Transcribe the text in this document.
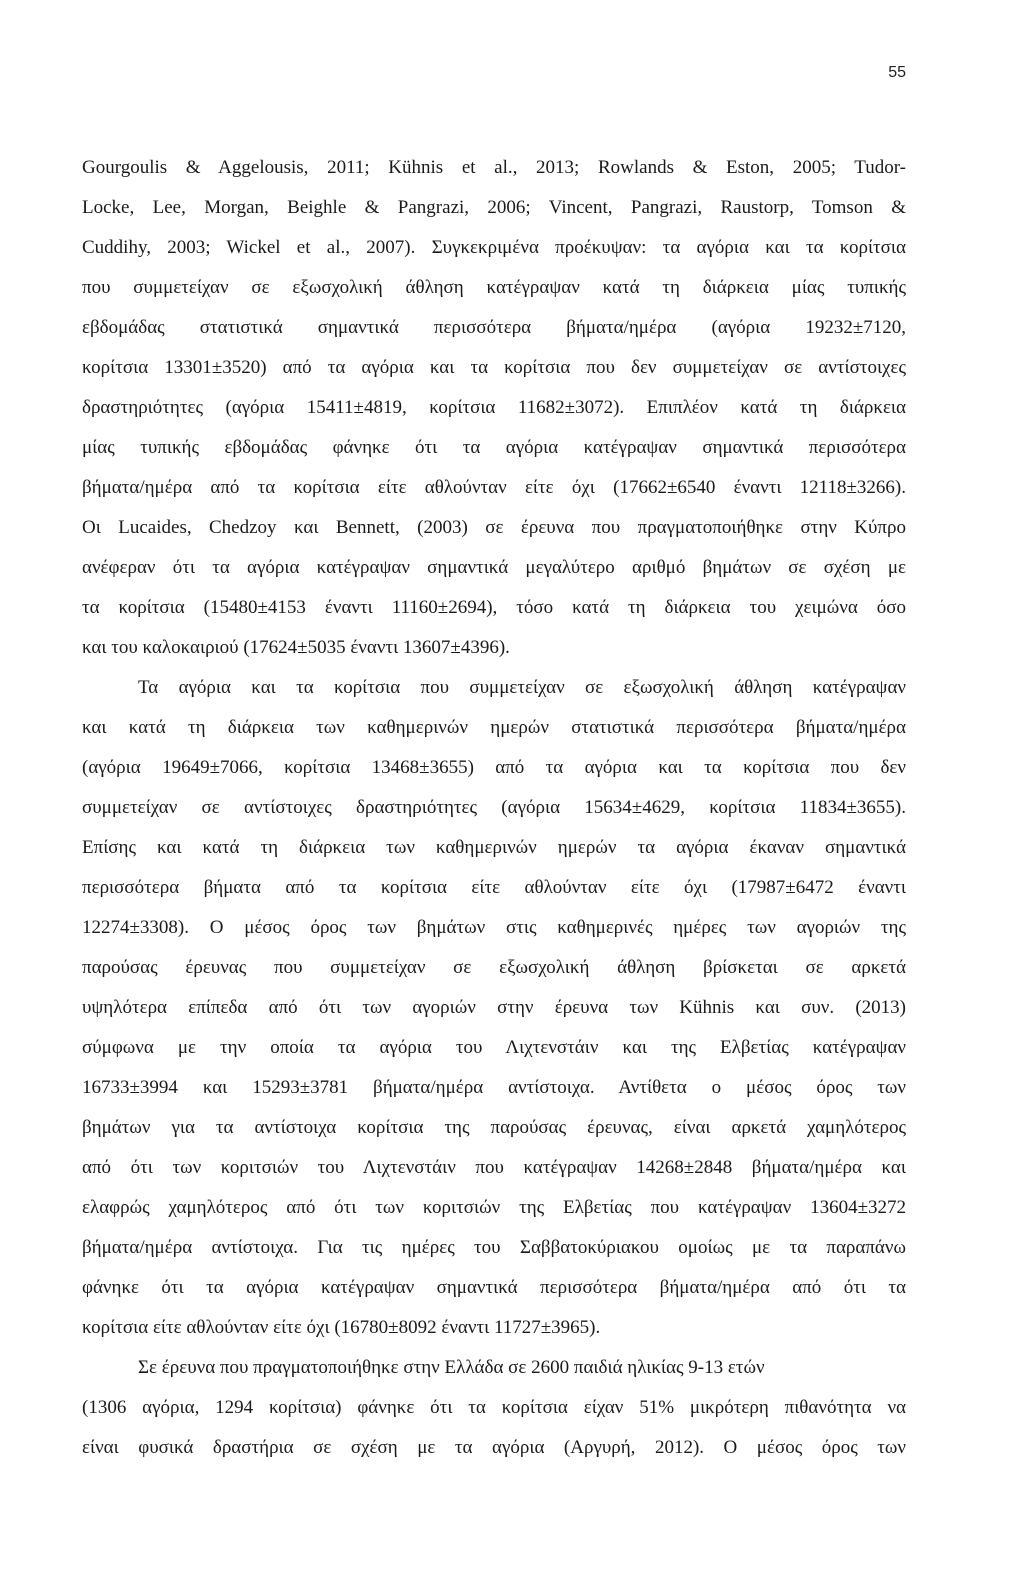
55
Gourgoulis & Aggelousis, 2011; Kühnis et al., 2013; Rowlands & Eston, 2005; Tudor-
Locke, Lee, Morgan, Beighle & Pangrazi, 2006; Vincent, Pangrazi, Raustorp, Tomson &
Cuddihy, 2003; Wickel et al., 2007). Συγκεκριμένα προέκυψαν: τα αγόρια και τα κορίτσια
που συμμετείχαν σε εξωσχολική άθληση κατέγραψαν κατά τη διάρκεια μίας τυπικής
εβδομάδας στατιστικά σημαντικά περισσότερα βήματα/ημέρα (αγόρια 19232±7120,
κορίτσια 13301±3520) από τα αγόρια και τα κορίτσια που δεν συμμετείχαν σε αντίστοιχες
δραστηριότητες (αγόρια 15411±4819, κορίτσια 11682±3072). Επιπλέον κατά τη διάρκεια
μίας τυπικής εβδομάδας φάνηκε ότι τα αγόρια κατέγραψαν σημαντικά περισσότερα
βήματα/ημέρα από τα κορίτσια είτε αθλούνταν είτε όχι (17662±6540 έναντι 12118±3266).
Οι Lucaides, Chedzoy και Bennett, (2003) σε έρευνα που πραγματοποιήθηκε στην Κύπρο
ανέφεραν ότι τα αγόρια κατέγραψαν σημαντικά μεγαλύτερο αριθμό βημάτων σε σχέση με
τα κορίτσια (15480±4153 έναντι 11160±2694), τόσο κατά τη διάρκεια του χειμώνα όσο
και του καλοκαιριού (17624±5035 έναντι 13607±4396).
Τα αγόρια και τα κορίτσια που συμμετείχαν σε εξωσχολική άθληση κατέγραψαν
και κατά τη διάρκεια των καθημερινών ημερών στατιστικά περισσότερα βήματα/ημέρα
(αγόρια 19649±7066, κορίτσια 13468±3655) από τα αγόρια και τα κορίτσια που δεν
συμμετείχαν σε αντίστοιχες δραστηριότητες (αγόρια 15634±4629, κορίτσια 11834±3655).
Επίσης και κατά τη διάρκεια των καθημερινών ημερών τα αγόρια έκαναν σημαντικά
περισσότερα βήματα από τα κορίτσια είτε αθλούνταν είτε όχι (17987±6472 έναντι
12274±3308). Ο μέσος όρος των βημάτων στις καθημερινές ημέρες των αγοριών της
παρούσας έρευνας που συμμετείχαν σε εξωσχολική άθληση βρίσκεται σε αρκετά
υψηλότερα επίπεδα από ότι των αγοριών στην έρευνα των Kühnis και συν. (2013)
σύμφωνα με την οποία τα αγόρια του Λιχτενστάιν και της Ελβετίας κατέγραψαν
16733±3994 και 15293±3781 βήματα/ημέρα αντίστοιχα. Αντίθετα ο μέσος όρος των
βημάτων για τα αντίστοιχα κορίτσια της παρούσας έρευνας, είναι αρκετά χαμηλότερος
από ότι των κοριτσιών του Λιχτενστάιν που κατέγραψαν 14268±2848 βήματα/ημέρα και
ελαφρώς χαμηλότερος από ότι των κοριτσιών της Ελβετίας που κατέγραψαν 13604±3272
βήματα/ημέρα αντίστοιχα. Για τις ημέρες του Σαββατοκύριακου ομοίως με τα παραπάνω
φάνηκε ότι τα αγόρια κατέγραψαν σημαντικά περισσότερα βήματα/ημέρα από ότι τα
κορίτσια είτε αθλούνταν είτε όχι (16780±8092 έναντι 11727±3965).
Σε έρευνα που πραγματοποιήθηκε στην Ελλάδα σε 2600 παιδιά ηλικίας 9-13 ετών
(1306 αγόρια, 1294 κορίτσια) φάνηκε ότι τα κορίτσια είχαν 51% μικρότερη πιθανότητα να
είναι φυσικά δραστήρια σε σχέση με τα αγόρια (Αργυρή, 2012). Ο μέσος όρος των
